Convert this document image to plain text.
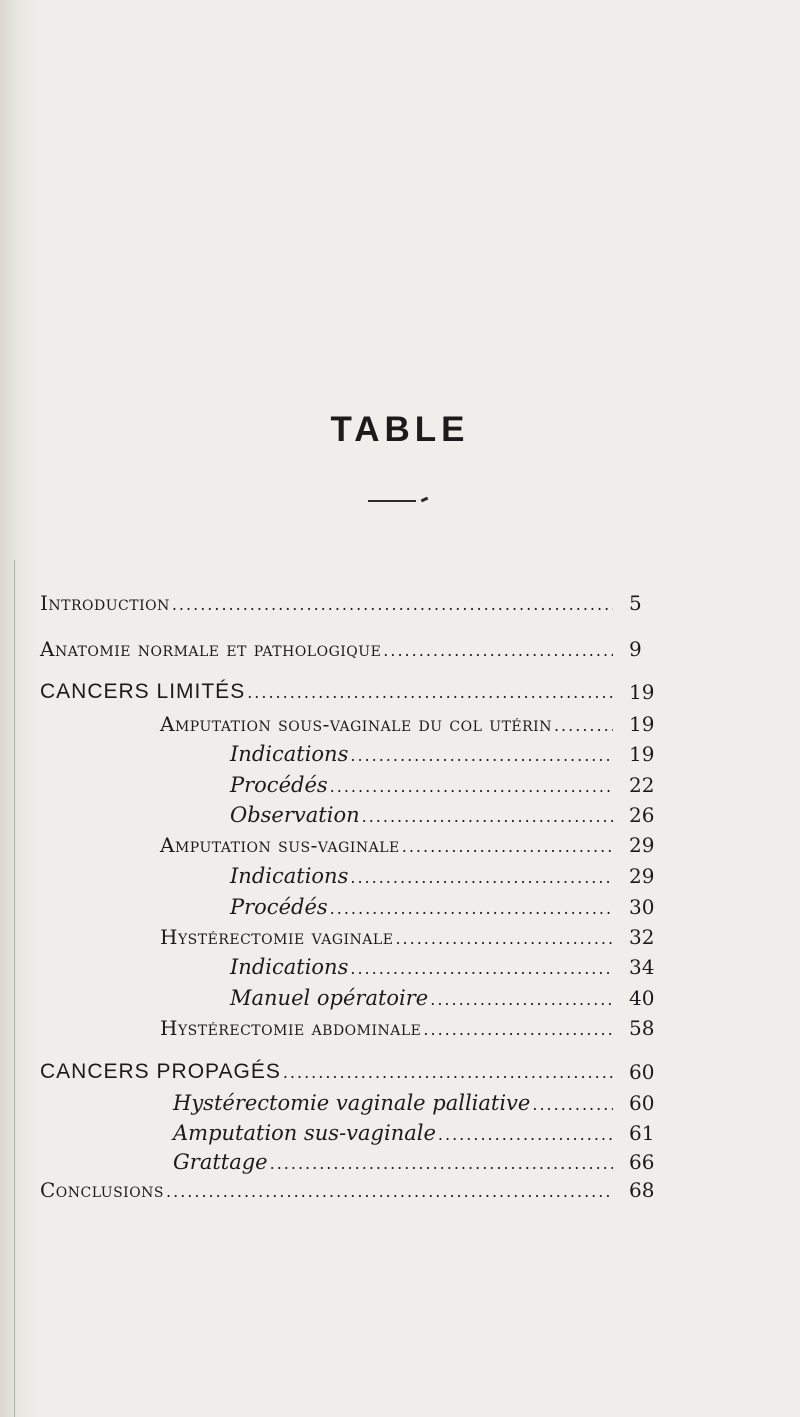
TABLE
Introduction .....	5
Anatomie normale et pathologique .....	9
CANCERS LIMITÉS .....	19
Amputation sous-vaginale du col utérin .....	19
Indications .....	19
Procédés .....	22
Observation .....	26
Amputation sus-vaginale .....	29
Indications .....	29
Procédés .....	30
Hystérectomie vaginale .....	32
Indications .....	34
Manuel opératoire .....	40
Hystérectomie abdominale .....	58
CANCERS PROPAGÉS .....	60
Hystérectomie vaginale palliative .....	60
Amputation sus-vaginale .....	61
Grattage .....	66
Conclusions .....	68
